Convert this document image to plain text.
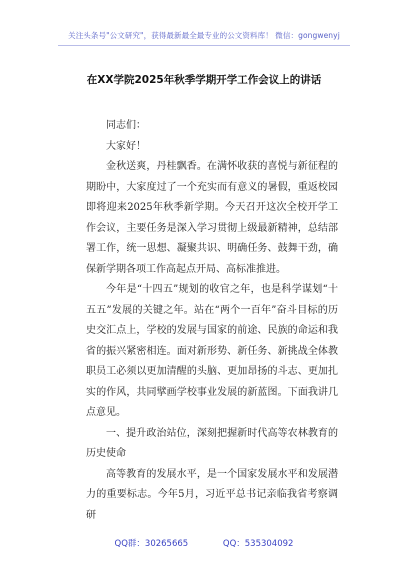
关注头条号"公文研究"，获得最新最全最专业的公文资料库！ 微信：gongwenyj
在XX学院2025年秋季学期开学工作会议上的讲话

同志们：

大家好！

金秋送爽，丹桂飘香。在满怀收获的喜悦与新征程的期盼中，大家度过了一个充实而有意义的暑假，重返校园即将迎来2025年秋季新学期。今天召开这次全校开学工作会议，主要任务是深入学习贯彻上级最新精神，总结部署工作，统一思想、凝聚共识、明确任务、鼓舞干劲，确保新学期各项工作高起点开局、高标准推进。

今年是“十四五”规划的收官之年，也是科学谋划“十五五”发展的关键之年。站在“两个一百年”奋斗目标的历史交汇点上，学校的发展与国家的前途、民族的命运和我省的振兴紧密相连。面对新形势、新任务、新挑战全体教职员工必须以更加清醒的头脑、更加昂扬的斗志、更加扎实的作风，共同擘画学校事业发展的新蓝图。下面我讲几点意见。

一、提升政治站位，深刻把握新时代高等农林教育的历史使命

高等教育的发展水平，是一个国家发展水平和发展潜力的重要标志。今年5月，习近平总书记亲临我省考察调研

QQ群：30265665	QQ：535304092
